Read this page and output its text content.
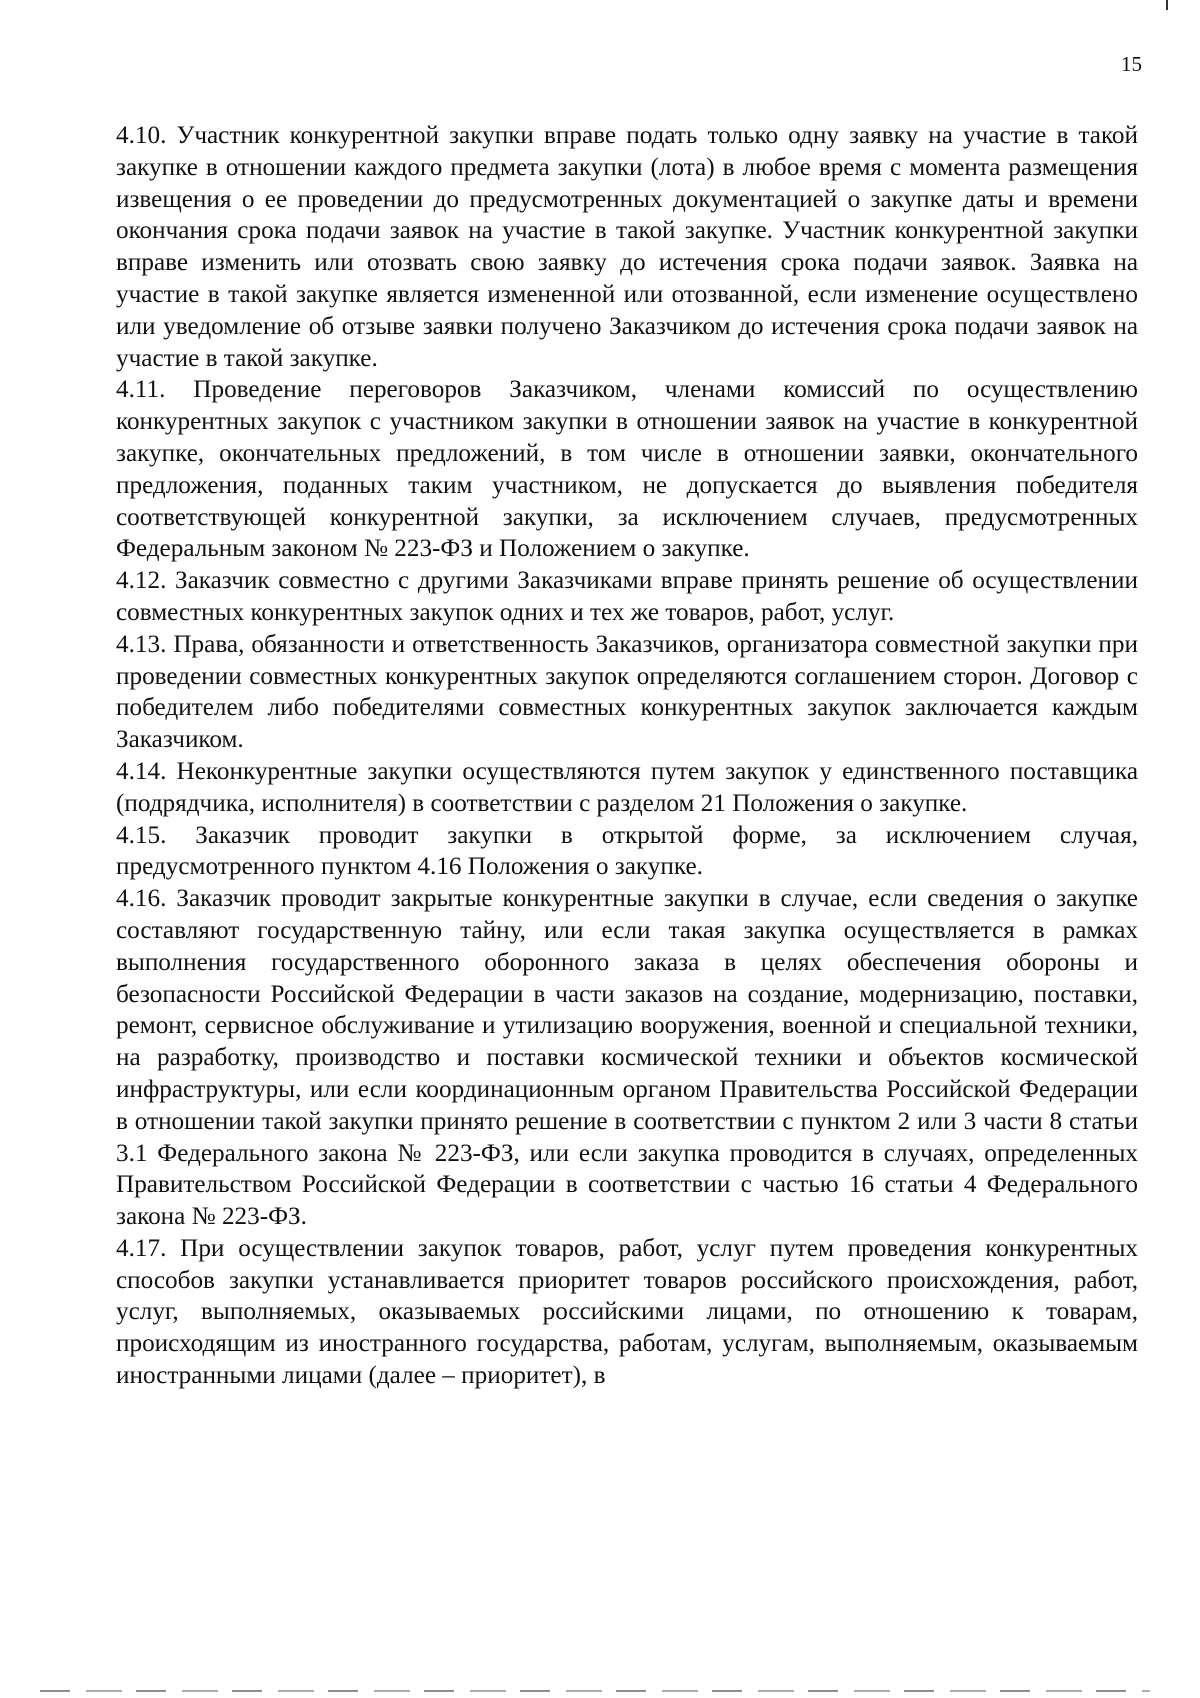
15

4.10. Участник конкурентной закупки вправе подать только одну заявку на участие в такой закупке в отношении каждого предмета закупки (лота) в любое время с момента размещения извещения о ее проведении до предусмотренных документацией о закупке даты и времени окончания срока подачи заявок на участие в такой закупке. Участник конкурентной закупки вправе изменить или отозвать свою заявку до истечения срока подачи заявок. Заявка на участие в такой закупке является измененной или отозванной, если изменение осуществлено или уведомление об отзыве заявки получено Заказчиком до истечения срока подачи заявок на участие в такой закупке.

4.11. Проведение переговоров Заказчиком, членами комиссий по осуществлению конкурентных закупок с участником закупки в отношении заявок на участие в конкурентной закупке, окончательных предложений, в том числе в отношении заявки, окончательного предложения, поданных таким участником, не допускается до выявления победителя соответствующей конкурентной закупки, за исключением случаев, предусмотренных Федеральным законом № 223-ФЗ и Положением о закупке.

4.12. Заказчик совместно с другими Заказчиками вправе принять решение об осуществлении совместных конкурентных закупок одних и тех же товаров, работ, услуг.

4.13. Права, обязанности и ответственность Заказчиков, организатора совместной закупки при проведении совместных конкурентных закупок определяются соглашением сторон. Договор с победителем либо победителями совместных конкурентных закупок заключается каждым Заказчиком.

4.14. Неконкурентные закупки осуществляются путем закупок у единственного поставщика (подрядчика, исполнителя) в соответствии с разделом 21 Положения о закупке.

4.15. Заказчик проводит закупки в открытой форме, за исключением случая, предусмотренного пунктом 4.16 Положения о закупке.

4.16. Заказчик проводит закрытые конкурентные закупки в случае, если сведения о закупке составляют государственную тайну, или если такая закупка осуществляется в рамках выполнения государственного оборонного заказа в целях обеспечения обороны и безопасности Российской Федерации в части заказов на создание, модернизацию, поставки, ремонт, сервисное обслуживание и утилизацию вооружения, военной и специальной техники, на разработку, производство и поставки космической техники и объектов космической инфраструктуры, или если координационным органом Правительства Российской Федерации в отношении такой закупки принято решение в соответствии с пунктом 2 или 3 части 8 статьи 3.1 Федерального закона № 223-ФЗ, или если закупка проводится в случаях, определенных Правительством Российской Федерации в соответствии с частью 16 статьи 4 Федерального закона № 223-ФЗ.

4.17. При осуществлении закупок товаров, работ, услуг путем проведения конкурентных способов закупки устанавливается приоритет товаров российского происхождения, работ, услуг, выполняемых, оказываемых российскими лицами, по отношению к товарам, происходящим из иностранного государства, работам, услугам, выполняемым, оказываемым иностранными лицами (далее – приоритет), в
